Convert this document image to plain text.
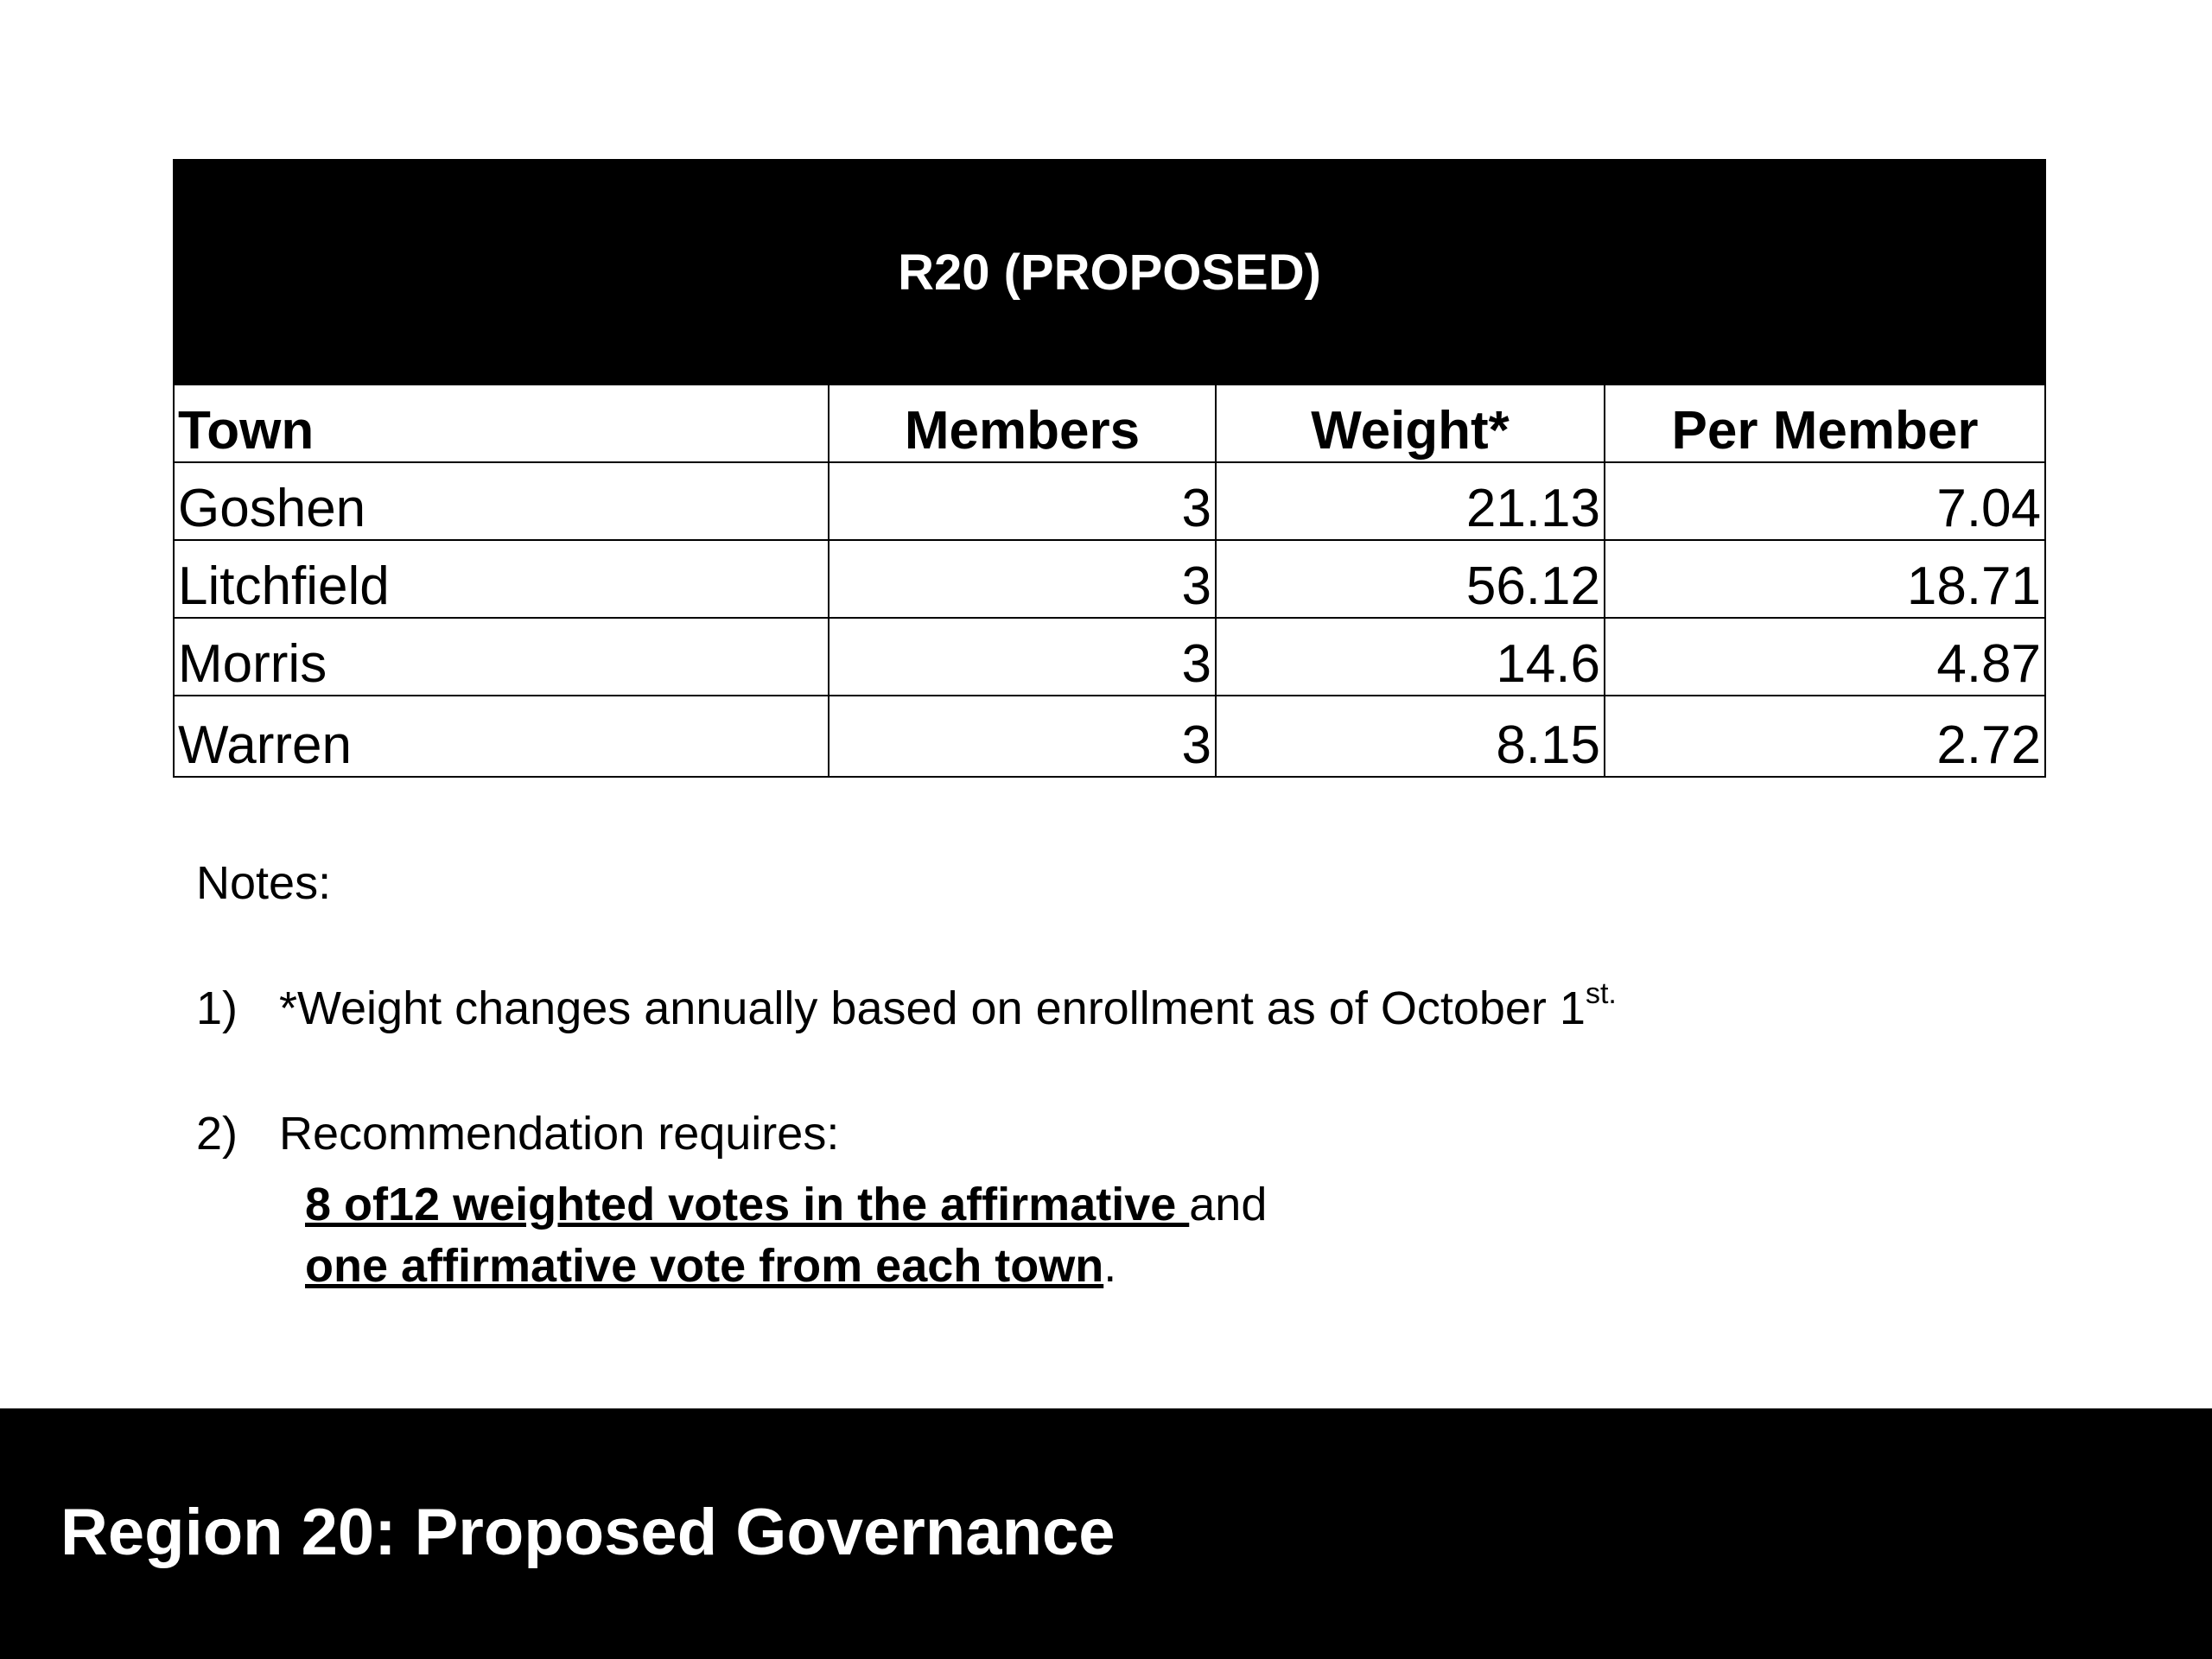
R20 (PROPOSED)			
Town	Members	Weight*	Per Member
Goshen	3	21.13	7.04
Litchfield	3	56.12	18.71
Morris	3	14.6	4.87
Warren	3	8.15	2.72

Notes:

1) *Weight changes annually based on enrollment as of October $1^{st.}$
2) Recommendation requires:
8 of12 weighted votes in the affirmative and
one affirmative vote from each town.
Region 20: Proposed Governance
